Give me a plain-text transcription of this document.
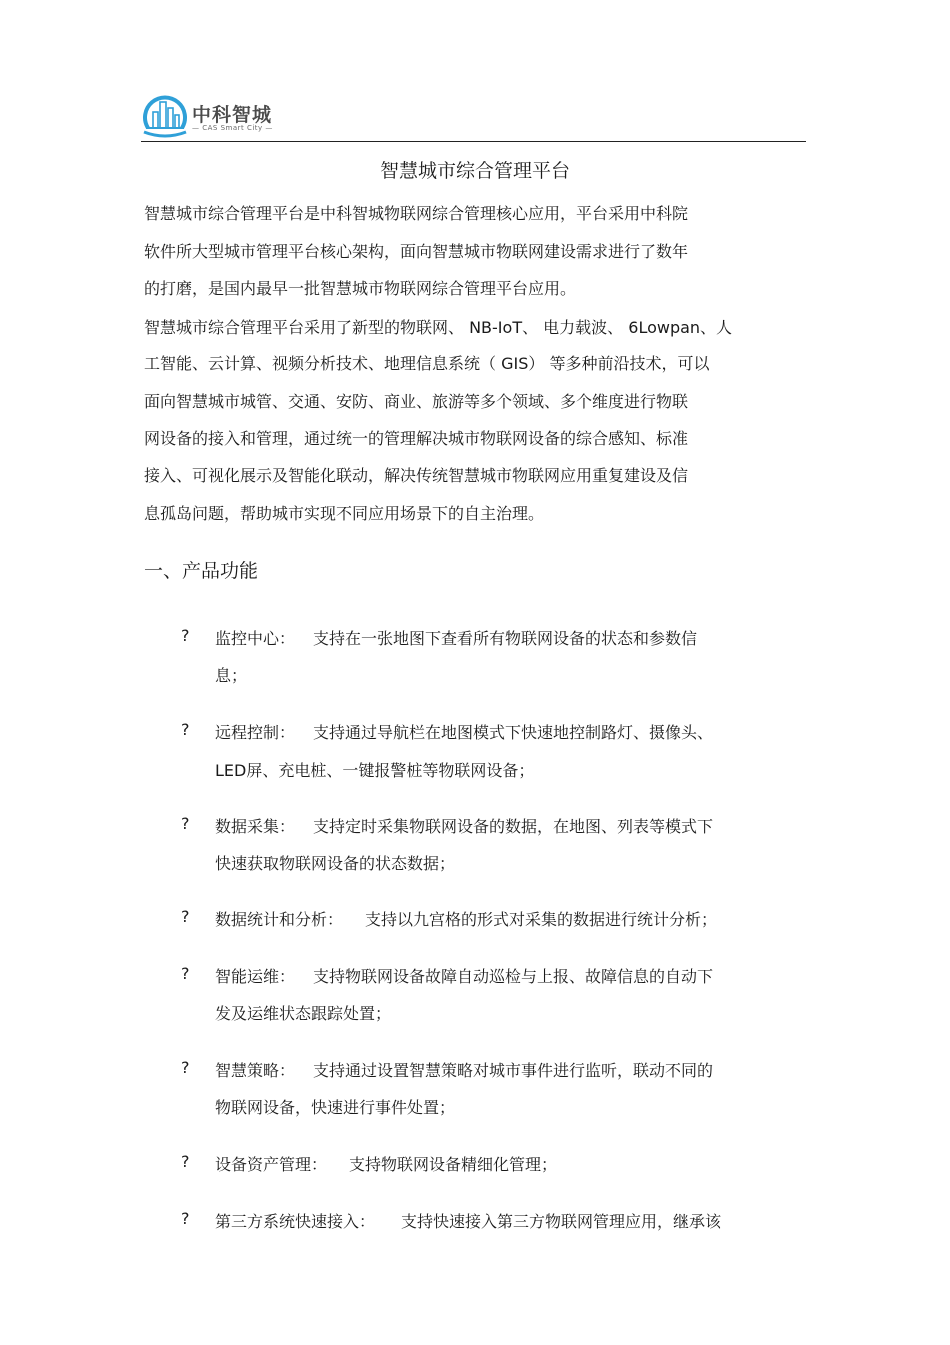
中科智城
— CAS Smart City —
智慧城市综合管理平台
智慧城市综合管理平台是中科智城物联网综合管理核心应用，平台采用中科院
软件所大型城市管理平台核心架构，面向智慧城市物联网建设需求进行了数年
的打磨，是国内最早一批智慧城市物联网综合管理平台应用。
智慧城市综合管理平台采用了新型的物联网、 NB-IoT、 电力载波、 6Lowpan、人
工智能、云计算、视频分析技术、地理信息系统（ GIS） 等多种前沿技术，可以
面向智慧城市城管、交通、安防、商业、旅游等多个领域、多个维度进行物联
网设备的接入和管理，通过统一的管理解决城市物联网设备的综合感知、标准
接入、可视化展示及智能化联动，解决传统智慧城市物联网应用重复建设及信
息孤岛问题，帮助城市实现不同应用场景下的自主治理。
一、产品功能
? 监控中心： 支持在一张地图下查看所有物联网设备的状态和参数信
息；
? 远程控制： 支持通过导航栏在地图模式下快速地控制路灯、摄像头、
LED屏、充电桩、一键报警桩等物联网设备；
? 数据采集： 支持定时采集物联网设备的数据，在地图、列表等模式下
快速获取物联网设备的状态数据；
? 数据统计和分析： 支持以九宫格的形式对采集的数据进行统计分析；
? 智能运维： 支持物联网设备故障自动巡检与上报、故障信息的自动下
发及运维状态跟踪处置；
? 智慧策略： 支持通过设置智慧策略对城市事件进行监听，联动不同的
物联网设备，快速进行事件处置；
? 设备资产管理： 支持物联网设备精细化管理；
? 第三方系统快速接入： 支持快速接入第三方物联网管理应用，继承该
